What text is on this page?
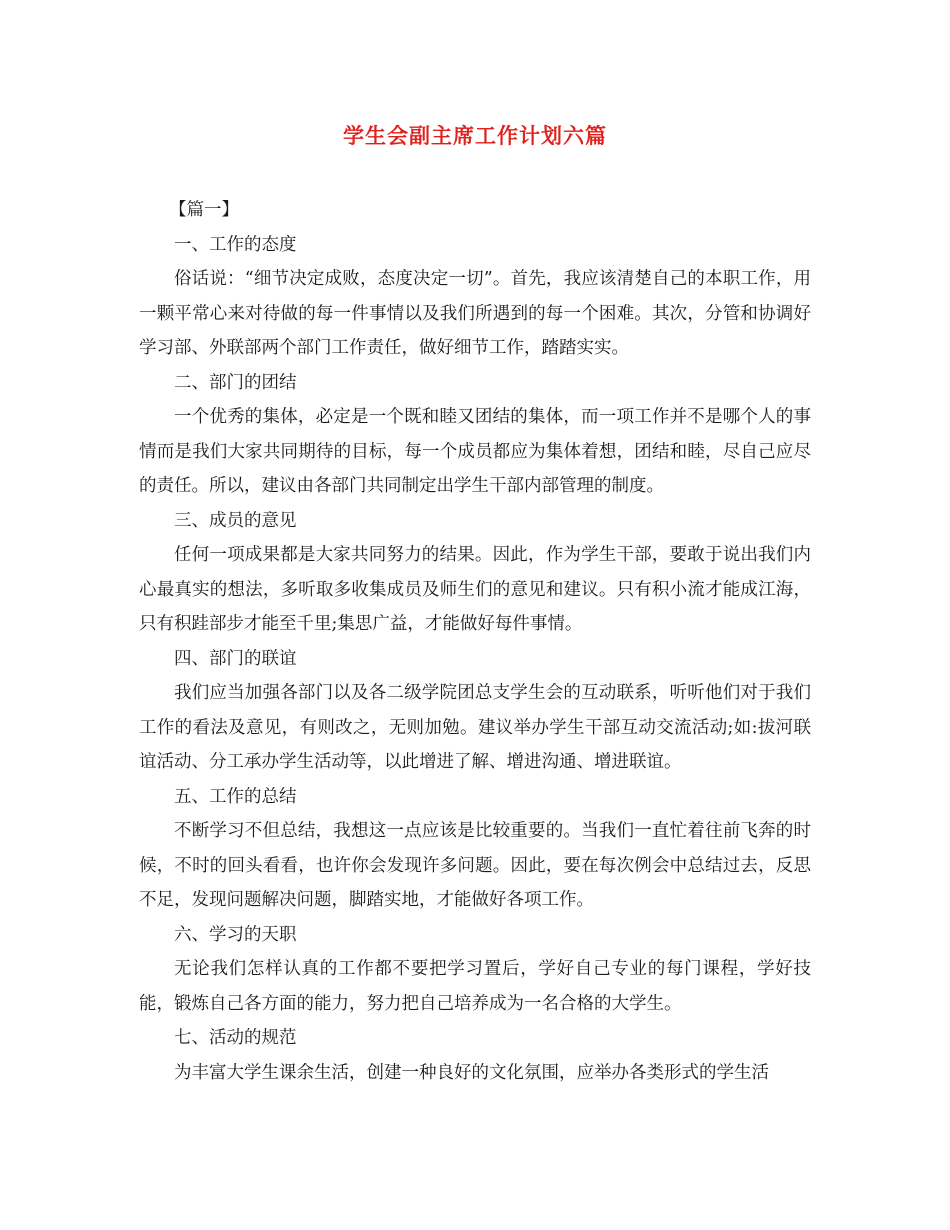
学生会副主席工作计划六篇

【篇一】

一、工作的态度

俗话说：“细节决定成败，态度决定一切”。首先，我应该清楚自己的本职工作，用一颗平常心来对待做的每一件事情以及我们所遇到的每一个困难。其次，分管和协调好学习部、外联部两个部门工作责任，做好细节工作，踏踏实实。

二、部门的团结

一个优秀的集体，必定是一个既和睦又团结的集体，而一项工作并不是哪个人的事情而是我们大家共同期待的目标，每一个成员都应为集体着想，团结和睦，尽自己应尽的责任。所以，建议由各部门共同制定出学生干部内部管理的制度。

三、成员的意见

任何一项成果都是大家共同努力的结果。因此，作为学生干部，要敢于说出我们内心最真实的想法，多听取多收集成员及师生们的意见和建议。只有积小流才能成江海，只有积跬部步才能至千里;集思广益，才能做好每件事情。

四、部门的联谊

我们应当加强各部门以及各二级学院团总支学生会的互动联系，听听他们对于我们工作的看法及意见，有则改之，无则加勉。建议举办学生干部互动交流活动;如:拔河联谊活动、分工承办学生活动等，以此增进了解、增进沟通、增进联谊。

五、工作的总结

不断学习不但总结，我想这一点应该是比较重要的。当我们一直忙着往前飞奔的时候，不时的回头看看，也许你会发现许多问题。因此，要在每次例会中总结过去，反思不足，发现问题解决问题，脚踏实地，才能做好各项工作。

六、学习的天职

无论我们怎样认真的工作都不要把学习置后，学好自己专业的每门课程，学好技能，锻炼自己各方面的能力，努力把自己培养成为一名合格的大学生。

七、活动的规范

为丰富大学生课余生活，创建一种良好的文化氛围，应举办各类形式的学生活
